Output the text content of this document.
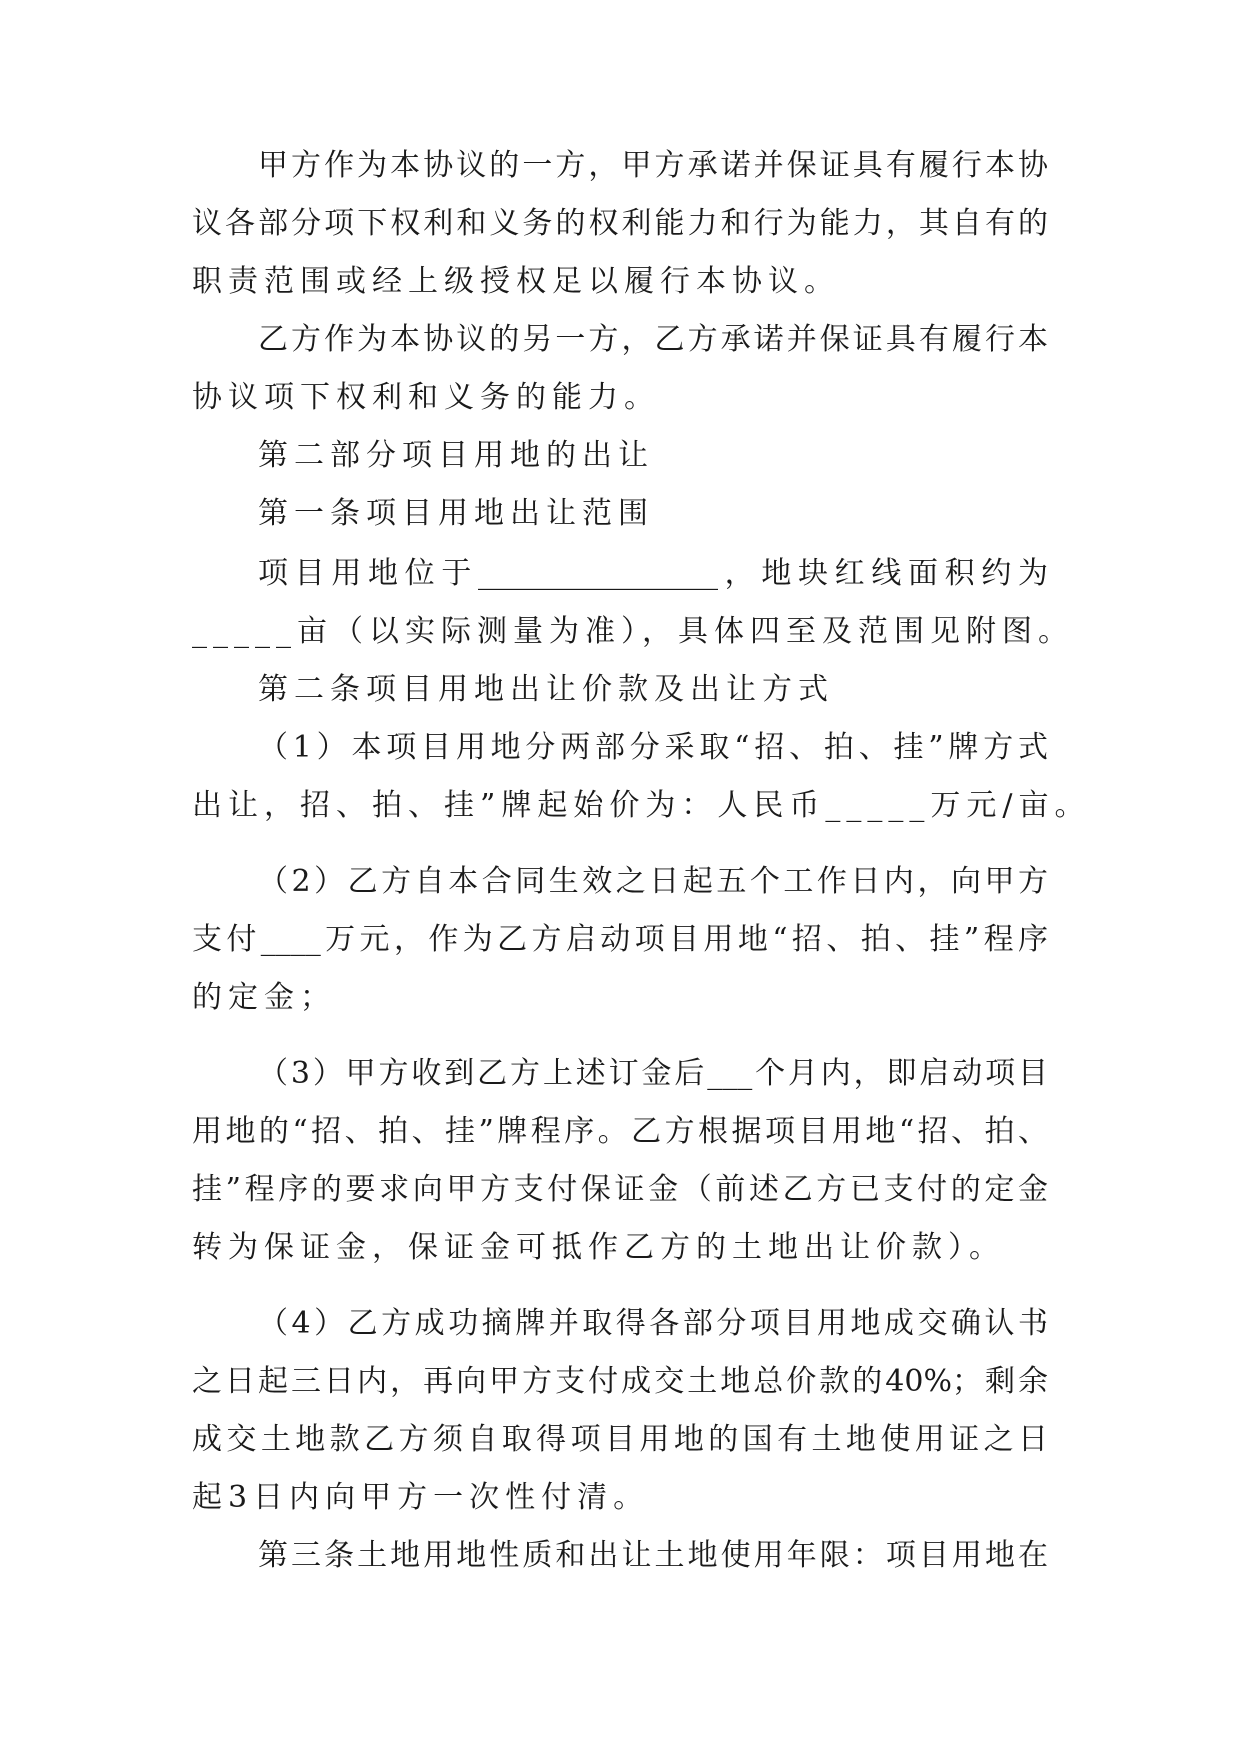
甲方作为本协议的一方，甲方承诺并保证具有履行本协
议各部分项下权利和义务的权利能力和行为能力，其自有的
职责范围或经上级授权足以履行本协议。
乙方作为本协议的另一方，乙方承诺并保证具有履行本
协议项下权利和义务的能力。
第二部分项目用地的出让
第一条项目用地出让范围
项目用地位于________________，地块红线面积约为
_____亩（以实际测量为准），具体四至及范围见附图。
第二条项目用地出让价款及出让方式
（1）本项目用地分两部分采取“招、拍、挂”牌方式
出让，招、拍、挂”牌起始价为：人民币_____万元/亩。
（2）乙方自本合同生效之日起五个工作日内，向甲方
支付____万元，作为乙方启动项目用地“招、拍、挂”程序
的定金；
（3）甲方收到乙方上述订金后___个月内，即启动项目
用地的“招、拍、挂”牌程序。乙方根据项目用地“招、拍、
挂”程序的要求向甲方支付保证金（前述乙方已支付的定金
转为保证金，保证金可抵作乙方的土地出让价款）。
（4）乙方成功摘牌并取得各部分项目用地成交确认书
之日起三日内，再向甲方支付成交土地总价款的40%；剩余
成交土地款乙方须自取得项目用地的国有土地使用证之日
起3日内向甲方一次性付清。
第三条土地用地性质和出让土地使用年限：项目用地在
